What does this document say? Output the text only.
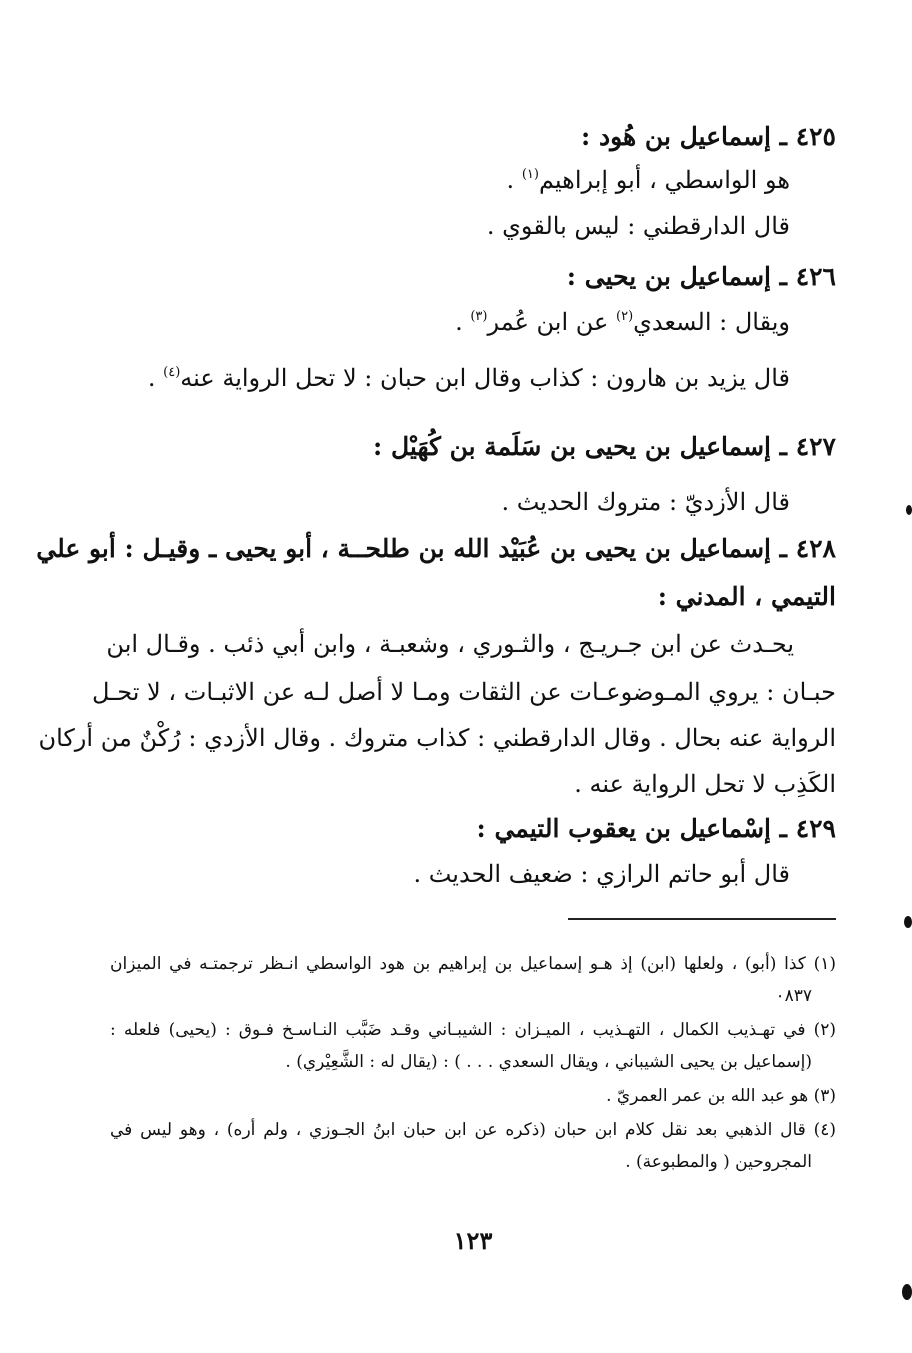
٤٢٥ ـ إسماعيل بن هُود :
هو الواسطي ، أبو إبراهيم$^{(١)}$ .
قال الدارقطني : ليس بالقوي .
٤٢٦ ـ إسماعيل بن يحيى :
ويقال : السعدي$^{(٢)}$ عن ابن عُمر$^{(٣)}$ .
قال يزيد بن هارون : كذاب وقال ابن حبان : لا تحل الرواية عنه$^{(٤)}$ .
٤٢٧ ـ إسماعيل بن يحيى بن سَلَمة بن كُهَيْل :
قال الأزديّ : متروك الحديث .
٤٢٨ ـ إسماعيل بن يحيى بن عُبَيْد الله بن طلحــة ، أبو يحيى ـ وقيـل : أبو علي
التيمي ، المدني :
يحـدث عن ابن جـريـج ، والثـوري ، وشعبـة ، وابن أبي ذئب . وقـال ابن
حبـان : يروي المـوضوعـات عن الثقات ومـا لا أصل لـه عن الاثبـات ، لا تحـل
الرواية عنه بحال . وقال الدارقطني : كذاب متروك . وقال الأزدي : رُكْنٌ من أركان
الكَذِب لا تحل الرواية عنه .
٤٢٩ ـ إسْماعيل بن يعقوب التيمي :
قال أبو حاتم الرازي : ضعيف الحديث .
(١) كذا (أبو) ، ولعلها (ابن) إذ هـو إسماعيل بن إبراهيم بن هود الواسطي انـظر ترجمتـه في الميزان
٠٨٣٧
(٢) في تهـذيب الكمال ، التهـذيب ، الميـزان : الشيبـاني وقـد ضَبَّب النـاسـخ فـوق : (يحيى) فلعله :
(إسماعيل بن يحيى الشيباني ، ويقال السعدي . . . ) : (يقال له : الشَّعِيْري) .
(٣) هو عبد الله بن عمر العمريّ .
(٤) قال الذهبي بعد نقل كلام ابن حبان (ذكره عن ابن حبان ابنُ الجـوزي ، ولم أره) ، وهو ليس في
المجروحين ( والمطبوعة) .
١٢٣
